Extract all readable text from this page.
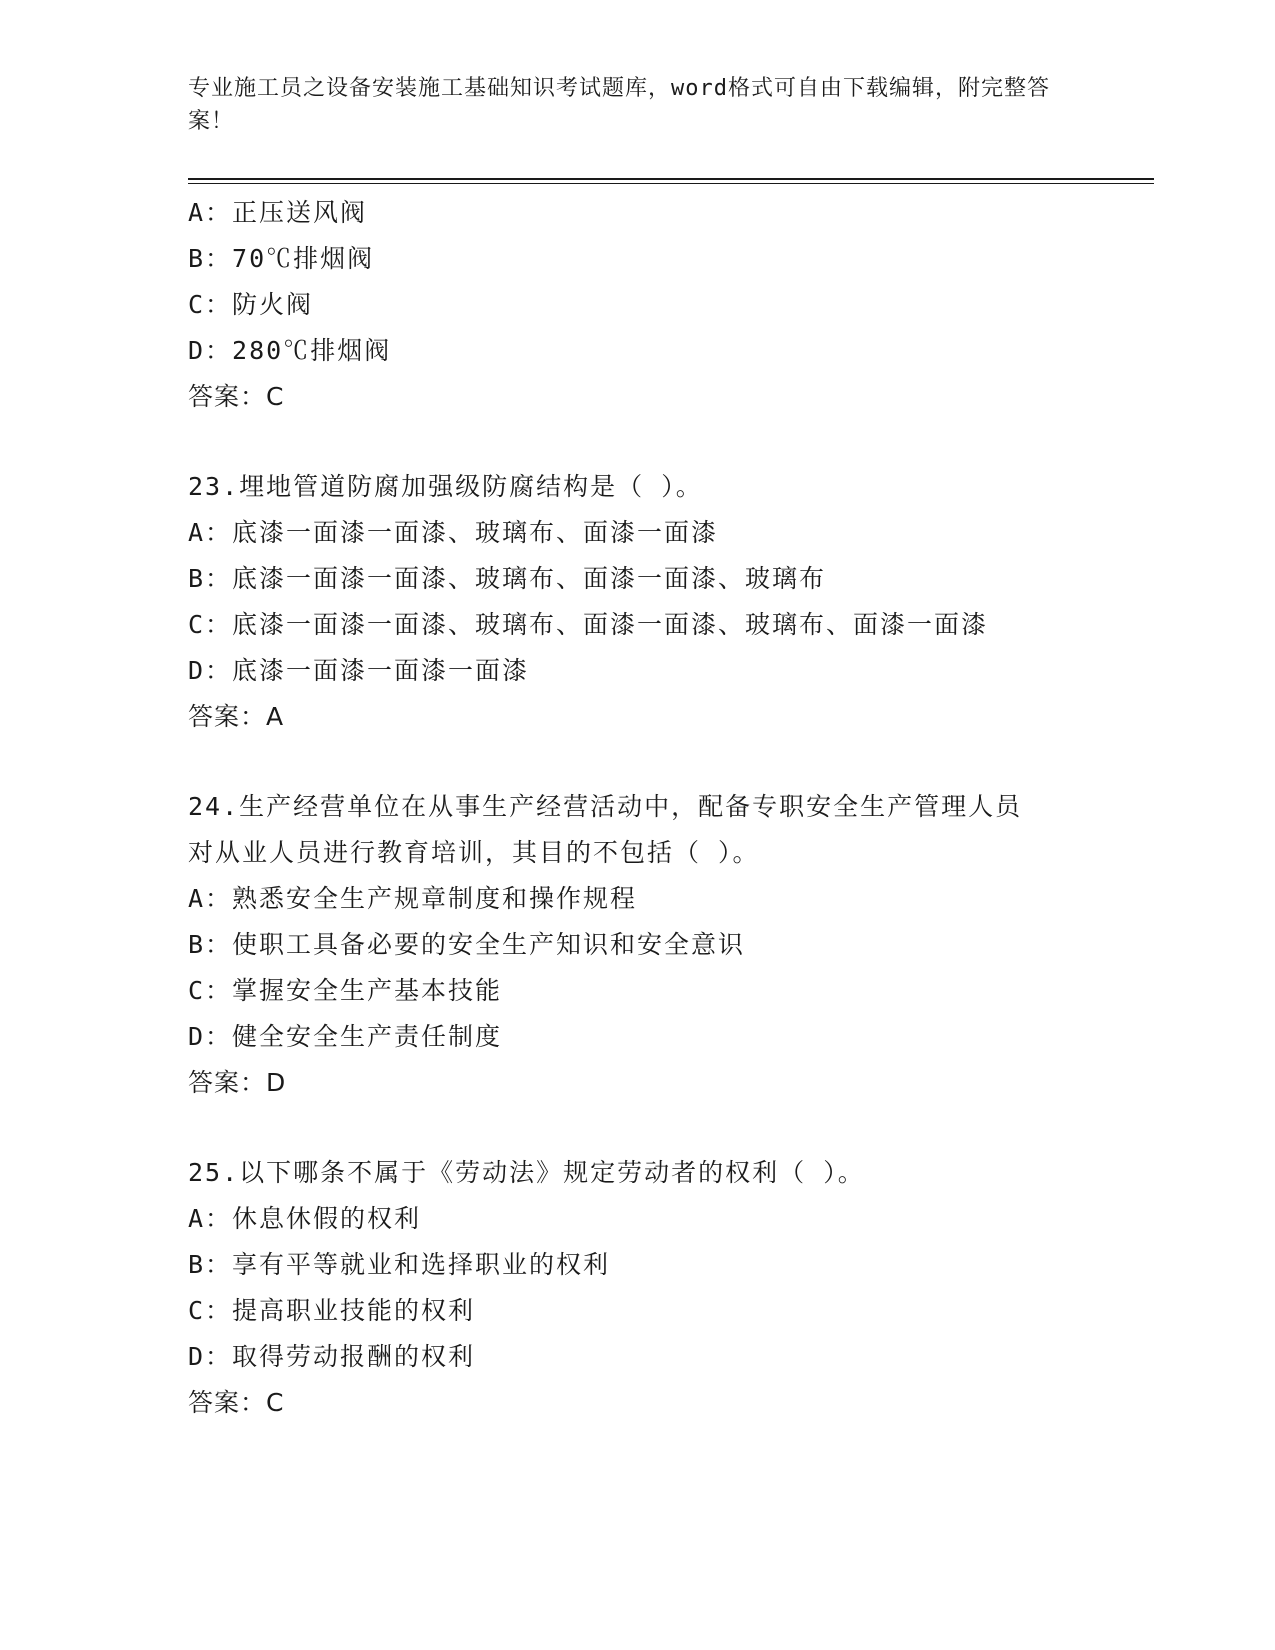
专业施工员之设备安装施工基础知识考试题库，word格式可自由下载编辑，附完整答案！
A：正压送风阀
B：70℃排烟阀
C：防火阀
D：280℃排烟阀
答案：C
23.埋地管道防腐加强级防腐结构是（ ）。
A：底漆一面漆一面漆、玻璃布、面漆一面漆
B：底漆一面漆一面漆、玻璃布、面漆一面漆、玻璃布
C：底漆一面漆一面漆、玻璃布、面漆一面漆、玻璃布、面漆一面漆
D：底漆一面漆一面漆一面漆
答案：A
24.生产经营单位在从事生产经营活动中，配备专职安全生产管理人员
对从业人员进行教育培训，其目的不包括（ ）。
A：熟悉安全生产规章制度和操作规程
B：使职工具备必要的安全生产知识和安全意识
C：掌握安全生产基本技能
D：健全安全生产责任制度
答案：D
25.以下哪条不属于《劳动法》规定劳动者的权利（ ）。
A：休息休假的权利
B：享有平等就业和选择职业的权利
C：提高职业技能的权利
D：取得劳动报酬的权利
答案：C
